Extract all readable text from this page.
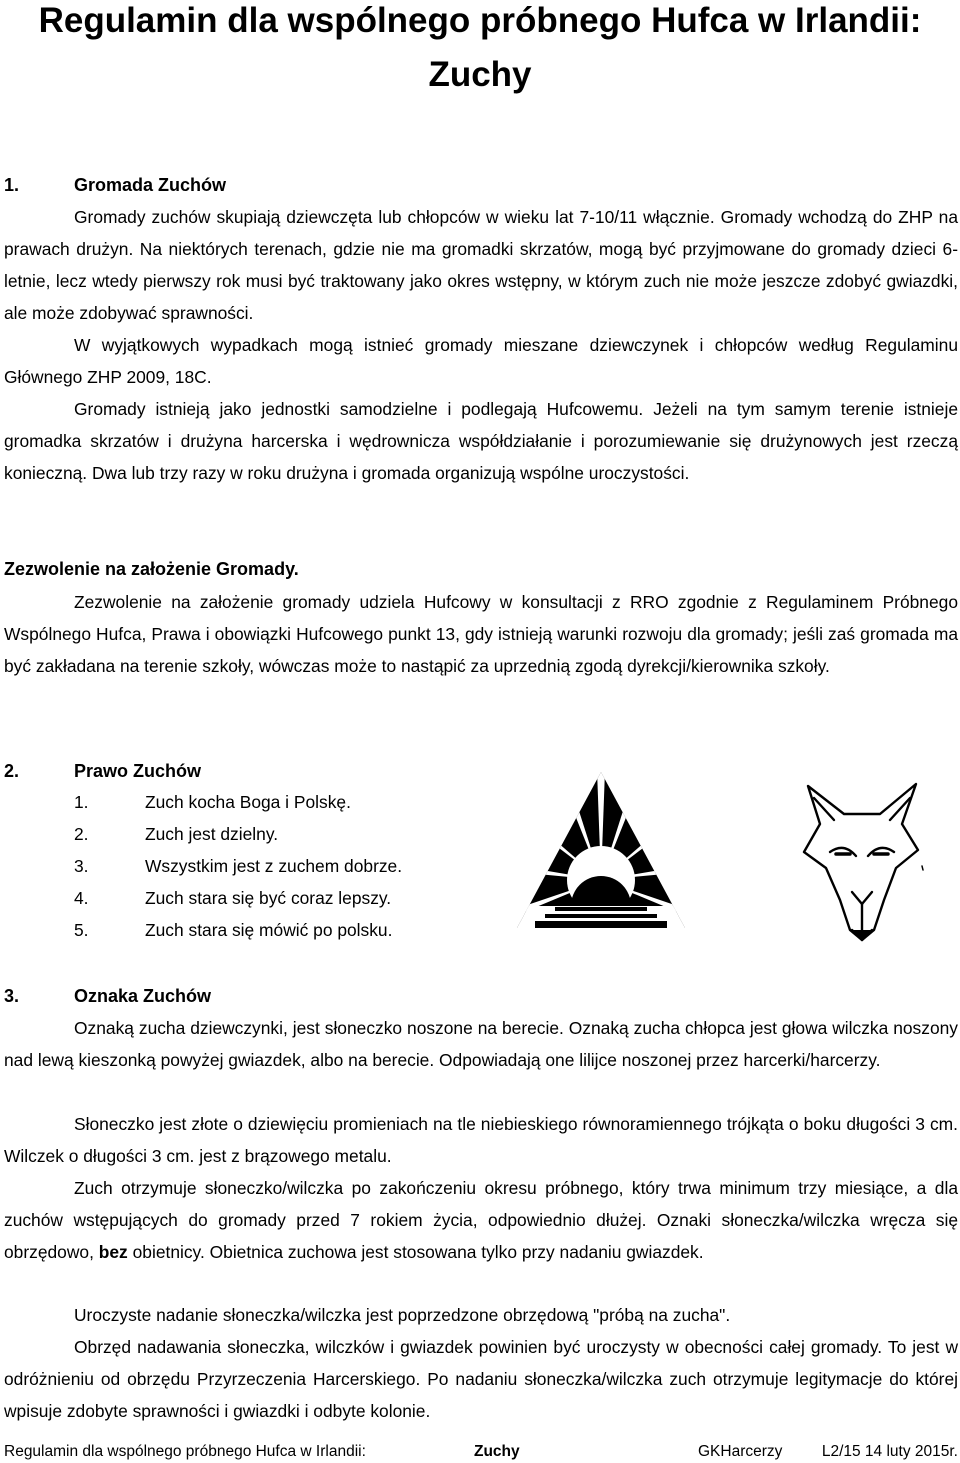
Regulamin dla wspólnego próbnego Hufca w Irlandii:
Zuchy
1.	Gromada Zuchów

Gromady zuchów skupiają dziewczęta lub chłopców w wieku lat 7-10/11 włącznie. Gromady wchodzą do ZHP na prawach drużyn. Na niektórych terenach, gdzie nie ma gromadki skrzatów, mogą być przyjmowane do gromady dzieci 6-letnie, lecz wtedy pierwszy rok musi być traktowany jako okres wstępny, w którym zuch nie może jeszcze zdobyć gwiazdki, ale może zdobywać sprawności.

W wyjątkowych wypadkach mogą istnieć gromady mieszane dziewczynek i chłopców według Regulaminu Głównego ZHP 2009, 18C.

Gromady istnieją jako jednostki samodzielne i podlegają Hufcowemu. Jeżeli na tym samym terenie istnieje gromadka skrzatów i drużyna harcerska i wędrownicza współdziałanie i porozumiewanie się drużynowych jest rzeczą konieczną. Dwa lub trzy razy w roku drużyna i gromada organizują wspólne uroczystości.

Zezwolenie na założenie Gromady.

Zezwolenie na założenie gromady udziela Hufcowy w konsultacji z RRO zgodnie z Regulaminem Próbnego Wspólnego Hufca, Prawa i obowiązki Hufcowego punkt 13, gdy istnieją warunki rozwoju dla gromady; jeśli zaś gromada ma być zakładana na terenie szkoły, wówczas może to nastąpić za uprzednią zgodą dyrekcji/kierownika szkoły.

2.	Prawo Zuchów
1.	Zuch kocha Boga i Polskę.
2.	Zuch jest dzielny.
3.	Wszystkim jest z zuchem dobrze.
4.	Zuch stara się być coraz lepszy.
5.	Zuch stara się mówić po polsku.
3.	Oznaka Zuchów

Oznaką zucha dziewczynki, jest słoneczko noszone na berecie. Oznaką zucha chłopca jest głowa wilczka noszony nad lewą kieszonką powyżej gwiazdek, albo na berecie. Odpowiadają one lilijce noszonej przez harcerki/harcerzy.

Słoneczko jest złote o dziewięciu promieniach na tle niebieskiego równoramiennego trójkąta o boku długości 3 cm. Wilczek o długości 3 cm. jest z brązowego metalu.

Zuch otrzymuje słoneczko/wilczka po zakończeniu okresu próbnego, który trwa minimum trzy miesiące, a dla zuchów wstępujących do gromady przed 7 rokiem życia, odpowiednio dłużej. Oznaki słoneczka/wilczka wręcza się obrzędowo, bez obietnicy. Obietnica zuchowa jest stosowana tylko przy nadaniu gwiazdek.

Uroczyste nadanie słoneczka/wilczka jest poprzedzone obrzędową "próbą na zucha".

Obrzęd nadawania słoneczka, wilczków i gwiazdek powinien być uroczysty w obecności całej gromady. To jest w odróżnieniu od obrzędu Przyrzeczenia Harcerskiego. Po nadaniu słoneczka/wilczka zuch otrzymuje legitymacje do której wpisuje zdobyte sprawności i gwiazdki i odbyte kolonie.

Regulamin dla wspólnego próbnego Hufca w Irlandii:	Zuchy	GKHarcerzy	L2/15 14 luty 2015r.
